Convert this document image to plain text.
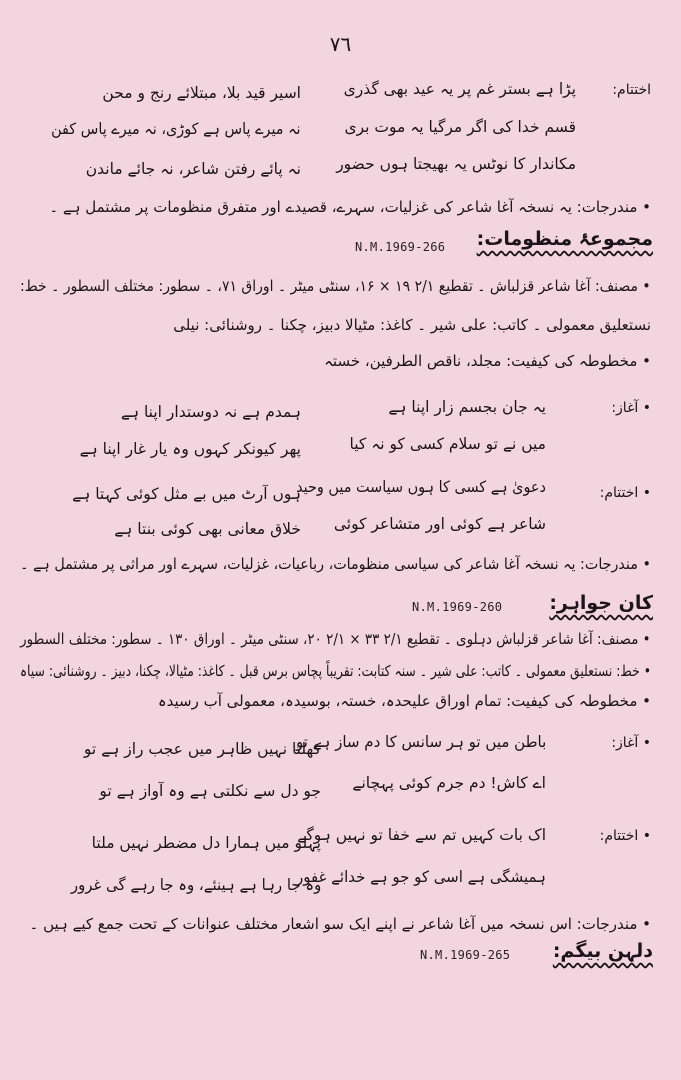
٧٦
اختتام:
پڑا ہے بستر غم پر یہ عید بھی گذری
اسیر قید بلا، مبتلائے رنج و محن
قسم خدا کی اگر مرگیا یہ موت بری
نہ میرے پاس ہے کوڑی، نہ میرے پاس کفن
مکاندار کا نوٹس یہ بھیجتا ہوں حضور
نہ پائے رفتن شاعر، نہ جائے ماندن
• مندرجات: یہ نسخہ آغا شاعر کی غزلیات، سہرے، قصیدے اور متفرق منظومات پر مشتمل ہے ۔
مجموعۂ منظومات:
N.M.1969-266
• مصنف: آغا شاعر قزلباش ۔ تقطیع ۲/۱ ۱۹ × ۱۶، سنٹی میٹر ۔ اوراق ۷۱، ۔ سطور: مختلف السطور ۔ خط:
نستعلیق معمولی ۔ کاتب: علی شیر ۔ کاغذ: مٹیالا دبیز، چکنا ۔ روشنائی: نیلی
• مخطوطہ کی کیفیت: مجلد، ناقص الطرفین، خستہ
• آغاز:
یہ جان بجسم زار اپنا ہے
ہمدم ہے نہ دوستدار اپنا ہے
میں نے تو سلام کسی کو نہ کیا
پھر کیونکر کہوں وہ یار غار اپنا ہے
• اختتام:
دعویٰ ہے کسی کا ہوں سیاست میں وحید
ہوں آرٹ میں بے مثل کوئی کہتا ہے
شاعر ہے کوئی اور متشاعر کوئی
خلاق معانی بھی کوئی بنتا ہے
• مندرجات: یہ نسخہ آغا شاعر کی سیاسی منظومات، رباعیات، غزلیات، سہرے اور مراثی پر مشتمل ہے ۔
کان جواہر:
N.M.1969-260
• مصنف: آغا شاعر قزلباش دہلوی ۔ تقطیع ۲/۱ ۳۳ × ۲/۱ ۲۰، سنٹی میٹر ۔ اوراق ۱۳۰ ۔ سطور: مختلف السطور
• خط: نستعلیق معمولی ۔ کاتب: علی شیر ۔ سنہ کتابت: تقریباً پچاس برس قبل ۔ کاغذ: مٹیالا، چکنا، دبیز ۔ روشنائی: سیاہ
• مخطوطہ کی کیفیت: تمام اوراق علیحدہ، خستہ، بوسیدہ، معمولی آب رسیدہ
• آغاز:
باطن میں تو ہر سانس کا دم ساز ہے تو
کھلتا نہیں ظاہر میں عجب راز ہے تو
اے کاش! دم جرم کوئی پہچانے
جو دل سے نکلتی ہے وہ آواز ہے تو
• اختتام:
اک بات کہیں تم سے خفا تو نہیں ہوگے
پہلو میں ہمارا دل مضطر نہیں ملتا
ہمیشگی ہے اسی کو جو ہے خدائے غفور
وہ جا رہا ہے ہینئے، وہ جا رہے گی غرور
• مندرجات: اس نسخہ میں آغا شاعر نے اپنے ایک سو اشعار مختلف عنوانات کے تحت جمع کیے ہیں ۔
دلہن بیگم:
N.M.1969-265
